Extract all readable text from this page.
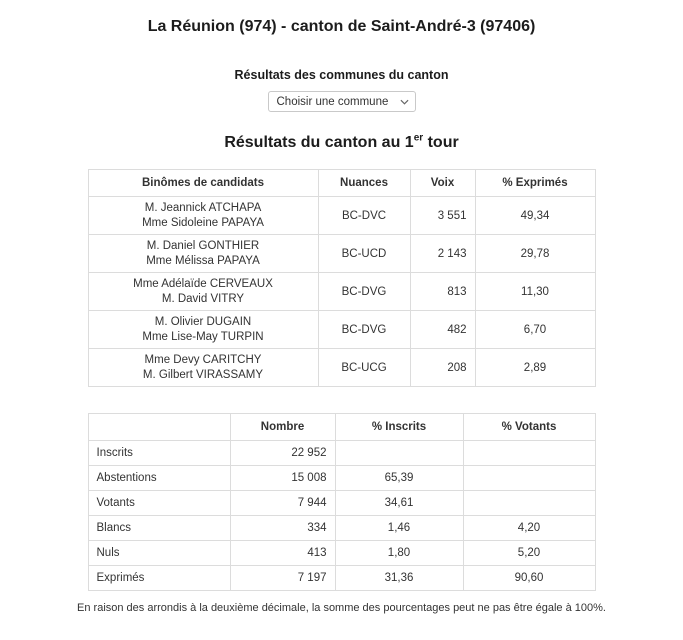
La Réunion (974) - canton de Saint-André-3 (97406)
Résultats des communes du canton
Choisir une commune
Résultats du canton au 1er tour
Binômes de candidats	Nuances	Voix	% Exprimés

M. Jeannick ATCHAPA
Mme Sidoleine PAPAYA	BC-DVC	3 551	49,34

M. Daniel GONTHIER
Mme Mélissa PAPAYA	BC-UCD	2 143	29,78

Mme Adélaïde CERVEAUX
M. David VITRY	BC-DVG	813	11,30

M. Olivier DUGAIN
Mme Lise-May TURPIN	BC-DVG	482	6,70

Mme Devy CARITCHY
M. Gilbert VIRASSAMY	BC-UCG	208	2,89
	Nombre	% Inscrits	% Votants
Inscrits	22 952		
Abstentions	15 008	65,39	
Votants	7 944	34,61	
Blancs	334	1,46	4,20
Nuls	413	1,80	5,20
Exprimés	7 197	31,36	90,60
En raison des arrondis à la deuxième décimale, la somme des pourcentages peut ne pas être égale à 100%.
